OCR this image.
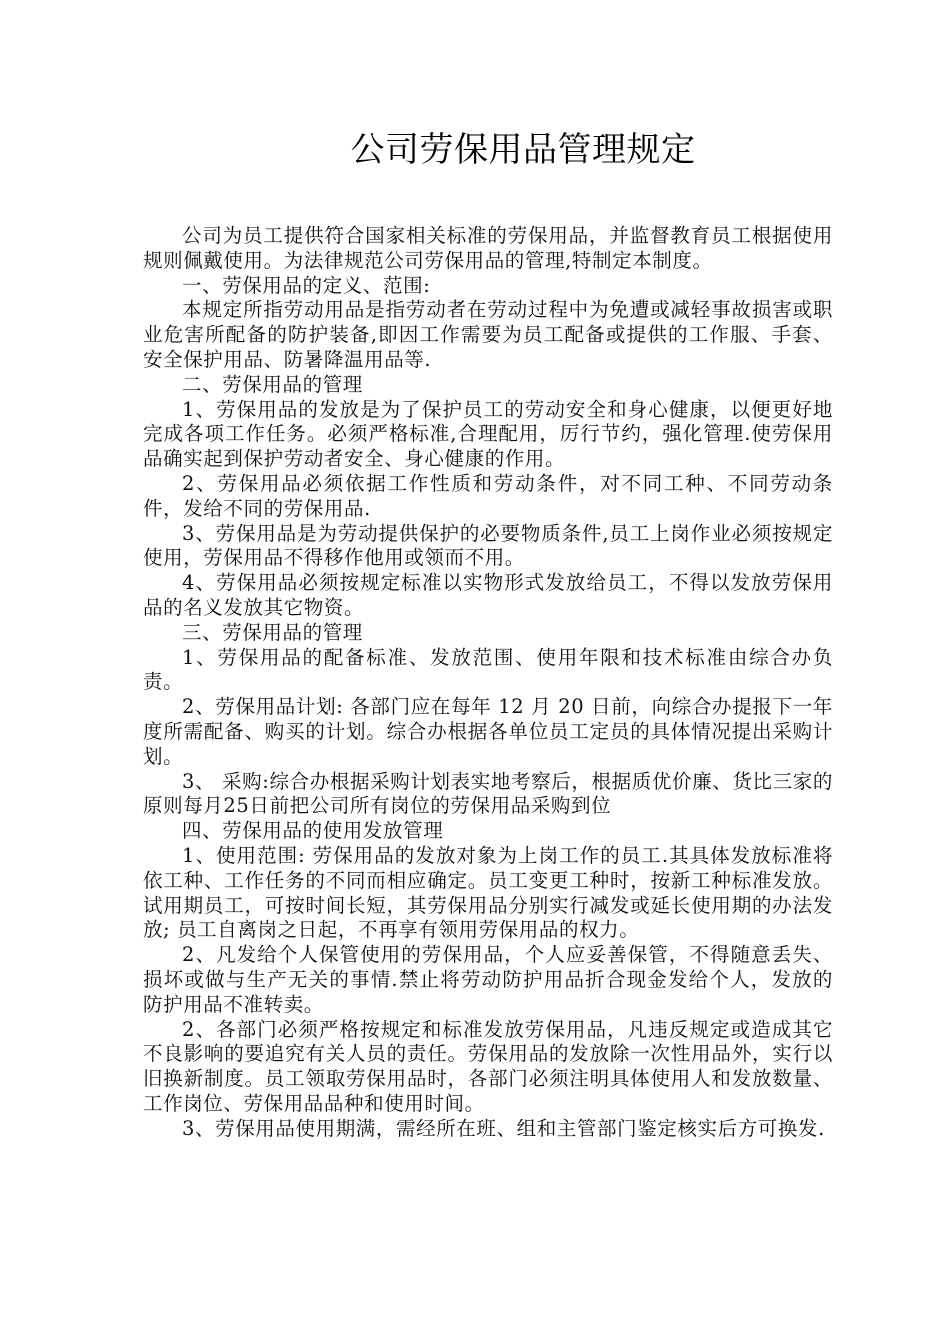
公司劳保用品管理规定

公司为员工提供符合国家相关标准的劳保用品，并监督教育员工根据使用规则佩戴使用。为法律规范公司劳保用品的管理,特制定本制度。

一、劳保用品的定义、范围:

本规定所指劳动用品是指劳动者在劳动过程中为免遭或减轻事故损害或职业危害所配备的防护装备,即因工作需要为员工配备或提供的工作服、手套、安全保护用品、防暑降温用品等.

二、劳保用品的管理

1、劳保用品的发放是为了保护员工的劳动安全和身心健康，以便更好地完成各项工作任务。必须严格标准,合理配用，厉行节约，强化管理.使劳保用品确实起到保护劳动者安全、身心健康的作用。

2、劳保用品必须依据工作性质和劳动条件，对不同工种、不同劳动条件，发给不同的劳保用品.

3、劳保用品是为劳动提供保护的必要物质条件,员工上岗作业必须按规定使用，劳保用品不得移作他用或领而不用。

4、劳保用品必须按规定标准以实物形式发放给员工，不得以发放劳保用品的名义发放其它物资。

三、劳保用品的管理

1、劳保用品的配备标准、发放范围、使用年限和技术标准由综合办负责。

2、劳保用品计划: 各部门应在每年 12 月 20 日前，向综合办提报下一年度所需配备、购买的计划。综合办根据各单位员工定员的具体情况提出采购计划。

3、 采购:综合办根据采购计划表实地考察后，根据质优价廉、货比三家的原则每月25日前把公司所有岗位的劳保用品采购到位

四、劳保用品的使用发放管理

1、使用范围: 劳保用品的发放对象为上岗工作的员工.其具体发放标准将依工种、工作任务的不同而相应确定。员工变更工种时，按新工种标准发放。试用期员工，可按时间长短，其劳保用品分别实行减发或延长使用期的办法发放; 员工自离岗之日起，不再享有领用劳保用品的权力。

2、凡发给个人保管使用的劳保用品，个人应妥善保管，不得随意丢失、损坏或做与生产无关的事情.禁止将劳动防护用品折合现金发给个人，发放的防护用品不准转卖。

2、各部门必须严格按规定和标准发放劳保用品，凡违反规定或造成其它不良影响的要追究有关人员的责任。劳保用品的发放除一次性用品外，实行以旧换新制度。员工领取劳保用品时，各部门必须注明具体使用人和发放数量、工作岗位、劳保用品品种和使用时间。

3、劳保用品使用期满，需经所在班、组和主管部门鉴定核实后方可换发.
